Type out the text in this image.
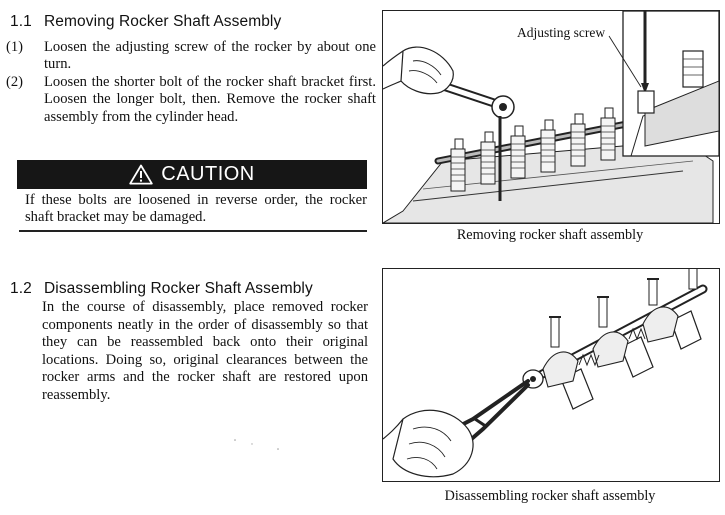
1.1 Removing Rocker Shaft Assembly
(1) Loosen the adjusting screw of the rocker by about one turn.
(2) Loosen the shorter bolt of the rocker shaft bracket first. Loosen the longer bolt, then. Remove the rocker shaft assembly from the cylinder head.
CAUTION
If these bolts are loosened in reverse order, the rocker shaft bracket may be damaged.
Adjusting screw
Removing rocker shaft assembly
1.2 Disassembling Rocker Shaft Assembly
In the course of disassembly, place removed rocker components neatly in the order of disassembly so that they can be reassembled back onto their original locations. Doing so, original clearances between the rocker arms and the rocker shaft are restored upon reassembly.
Disassembling rocker shaft assembly
